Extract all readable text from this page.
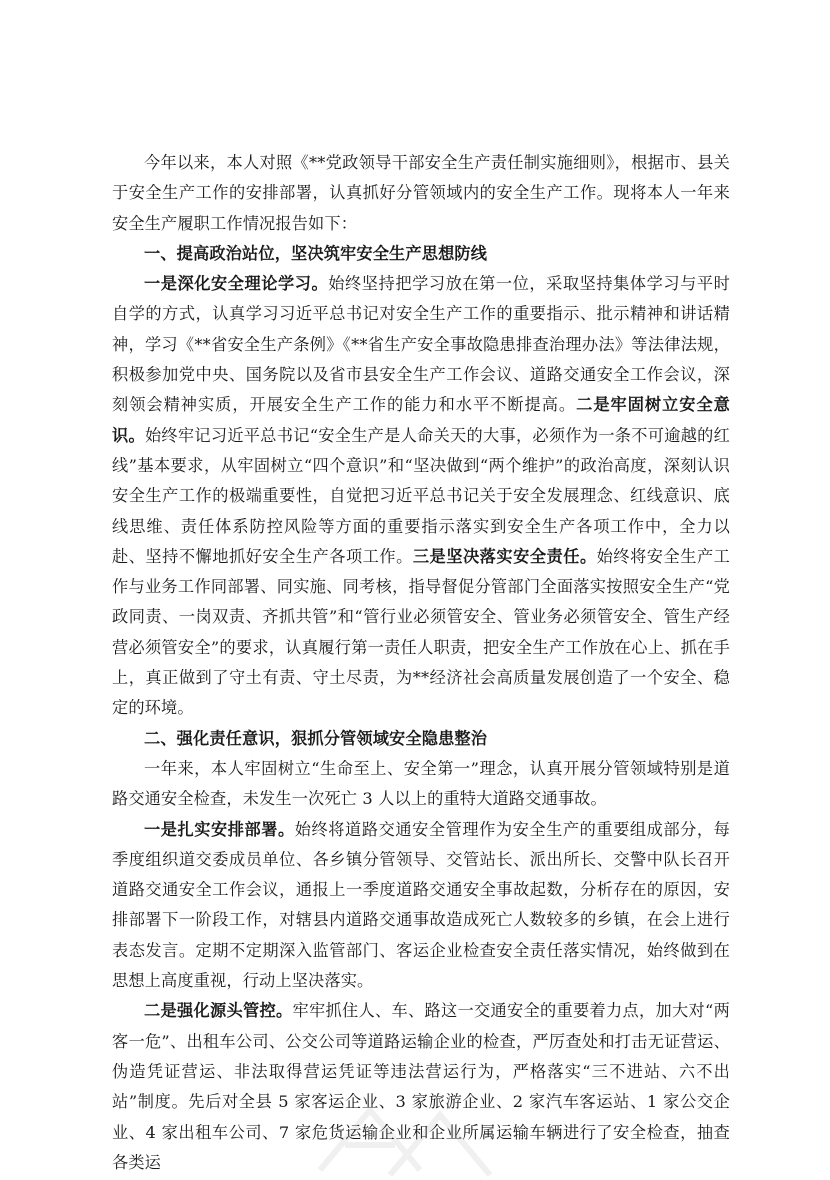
今年以来，本人对照《**党政领导干部安全生产责任制实施细则》，根据市、县关于安全生产工作的安排部署，认真抓好分管领域内的安全生产工作。现将本人一年来安全生产履职工作情况报告如下：

一、提高政治站位，坚决筑牢安全生产思想防线

一是深化安全理论学习。始终坚持把学习放在第一位，采取坚持集体学习与平时自学的方式，认真学习习近平总书记对安全生产工作的重要指示、批示精神和讲话精神，学习《**省安全生产条例》《**省生产安全事故隐患排查治理办法》等法律法规，积极参加党中央、国务院以及省市县安全生产工作会议、道路交通安全工作会议，深刻领会精神实质，开展安全生产工作的能力和水平不断提高。二是牢固树立安全意识。始终牢记习近平总书记“安全生产是人命关天的大事，必须作为一条不可逾越的红线”基本要求，从牢固树立“四个意识”和“坚决做到“两个维护”的政治高度，深刻认识安全生产工作的极端重要性，自觉把习近平总书记关于安全发展理念、红线意识、底线思维、责任体系防控风险等方面的重要指示落实到安全生产各项工作中，全力以赴、坚持不懈地抓好安全生产各项工作。三是坚决落实安全责任。始终将安全生产工作与业务工作同部署、同实施、同考核，指导督促分管部门全面落实按照安全生产“党政同责、一岗双责、齐抓共管”和“管行业必须管安全、管业务必须管安全、管生产经营必须管安全”的要求，认真履行第一责任人职责，把安全生产工作放在心上、抓在手上，真正做到了守土有责、守土尽责，为**经济社会高质量发展创造了一个安全、稳定的环境。

二、强化责任意识，狠抓分管领域安全隐患整治

一年来，本人牢固树立“生命至上、安全第一”理念，认真开展分管领域特别是道路交通安全检查，未发生一次死亡 3 人以上的重特大道路交通事故。

一是扎实安排部署。始终将道路交通安全管理作为安全生产的重要组成部分，每季度组织道交委成员单位、各乡镇分管领导、交管站长、派出所长、交警中队长召开道路交通安全工作会议，通报上一季度道路交通安全事故起数，分析存在的原因，安排部署下一阶段工作，对辖县内道路交通事故造成死亡人数较多的乡镇，在会上进行表态发言。定期不定期深入监管部门、客运企业检查安全责任落实情况，始终做到在思想上高度重视，行动上坚决落实。

二是强化源头管控。牢牢抓住人、车、路这一交通安全的重要着力点，加大对“两客一危”、出租车公司、公交公司等道路运输企业的检查，严厉查处和打击无证营运、伪造凭证营运、非法取得营运凭证等违法营运行为，严格落实“三不进站、六不出站”制度。先后对全县 5 家客运企业、3 家旅游企业、2 家汽车客运站、1 家公交企业、4 家出租车公司、7 家危货运输企业和企业所属运输车辆进行了安全检查，抽查各类运
